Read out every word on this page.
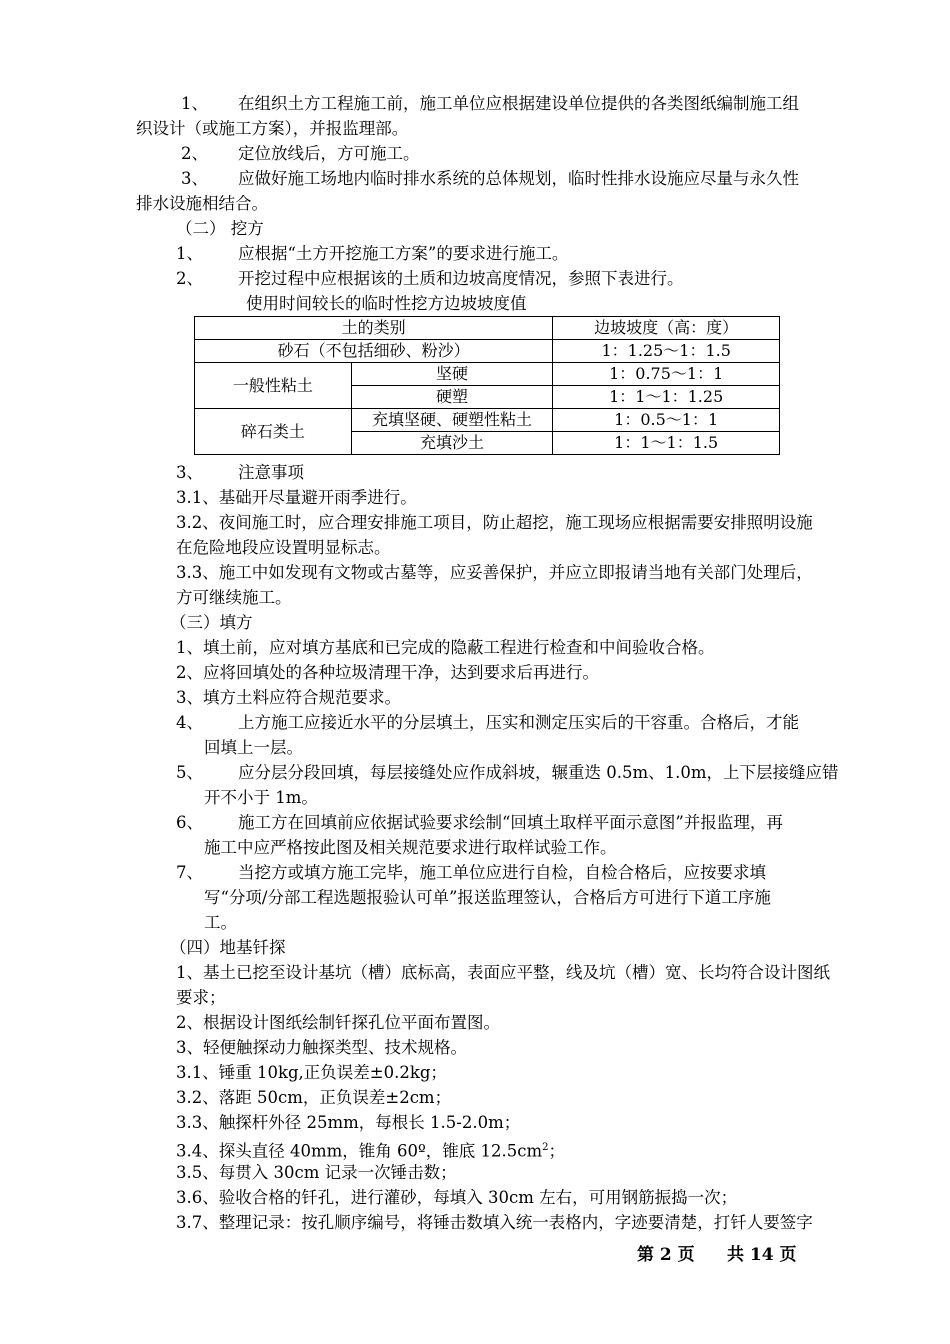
1、 在组织土方工程施工前，施工单位应根据建设单位提供的各类图纸编制施工组
织设计（或施工方案），并报监理部。
2、 定位放线后，方可施工。
3、 应做好施工场地内临时排水系统的总体规划，临时性排水设施应尽量与永久性
排水设施相结合。
（二） 挖方
1、 应根据“土方开挖施工方案”的要求进行施工。
2、 开挖过程中应根据该的土质和边坡高度情况，参照下表进行。
使用时间较长的临时性挖方边坡坡度值
土的类别		边坡坡度（高：度）
砂石（不包括细砂、粉沙）		1：1.25～1：1.5
一般性粘土	坚硬	1：0.75～1：1
	硬塑	1：1～1：1.25
碎石类土	充填坚硬、硬塑性粘土	1：0.5～1：1
	充填沙土	1：1～1：1.5
3、 注意事项
3.1、基础开尽量避开雨季进行。
3.2、夜间施工时，应合理安排施工项目，防止超挖，施工现场应根据需要安排照明设施
在危险地段应设置明显标志。
3.3、施工中如发现有文物或古墓等，应妥善保护，并应立即报请当地有关部门处理后，
方可继续施工。
（三）填方
1、填土前，应对填方基底和已完成的隐蔽工程进行检查和中间验收合格。
2、应将回填处的各种垃圾清理干净，达到要求后再进行。
3、填方土料应符合规范要求。
4、 上方施工应接近水平的分层填土，压实和测定压实后的干容重。合格后，才能
回填上一层。
5、 应分层分段回填，每层接缝处应作成斜坡，辗重迭 0.5m、1.0m，上下层接缝应错
开不小于 1m。
6、 施工方在回填前应依据试验要求绘制“回填土取样平面示意图”并报监理，再
施工中应严格按此图及相关规范要求进行取样试验工作。
7、 当挖方或填方施工完毕，施工单位应进行自检，自检合格后，应按要求填
写“分项/分部工程选题报验认可单”报送监理签认，合格后方可进行下道工序施
工。
（四）地基钎探
1、基土已挖至设计基坑（槽）底标高，表面应平整，线及坑（槽）宽、长均符合设计图纸
要求；
2、根据设计图纸绘制钎探孔位平面布置图。
3、轻便触探动力触探类型、技术规格。
3.1、锤重 10kg,正负误差±0.2kg；
3.2、落距 50cm，正负误差±2cm；
3.3、触探杆外径 25mm，每根长 1.5-2.0m；
3.4、探头直径 40mm，锥角 60º，锥底 $12.5cm^2$；
3.5、每贯入 30cm 记录一次锤击数；
3.6、验收合格的钎孔，进行灌砂，每填入 30cm 左右，可用钢筋振捣一次；
3.7、整理记录：按孔顺序编号，将锤击数填入统一表格内，字迹要清楚，打钎人要签字
第 2 页 共 14 页
